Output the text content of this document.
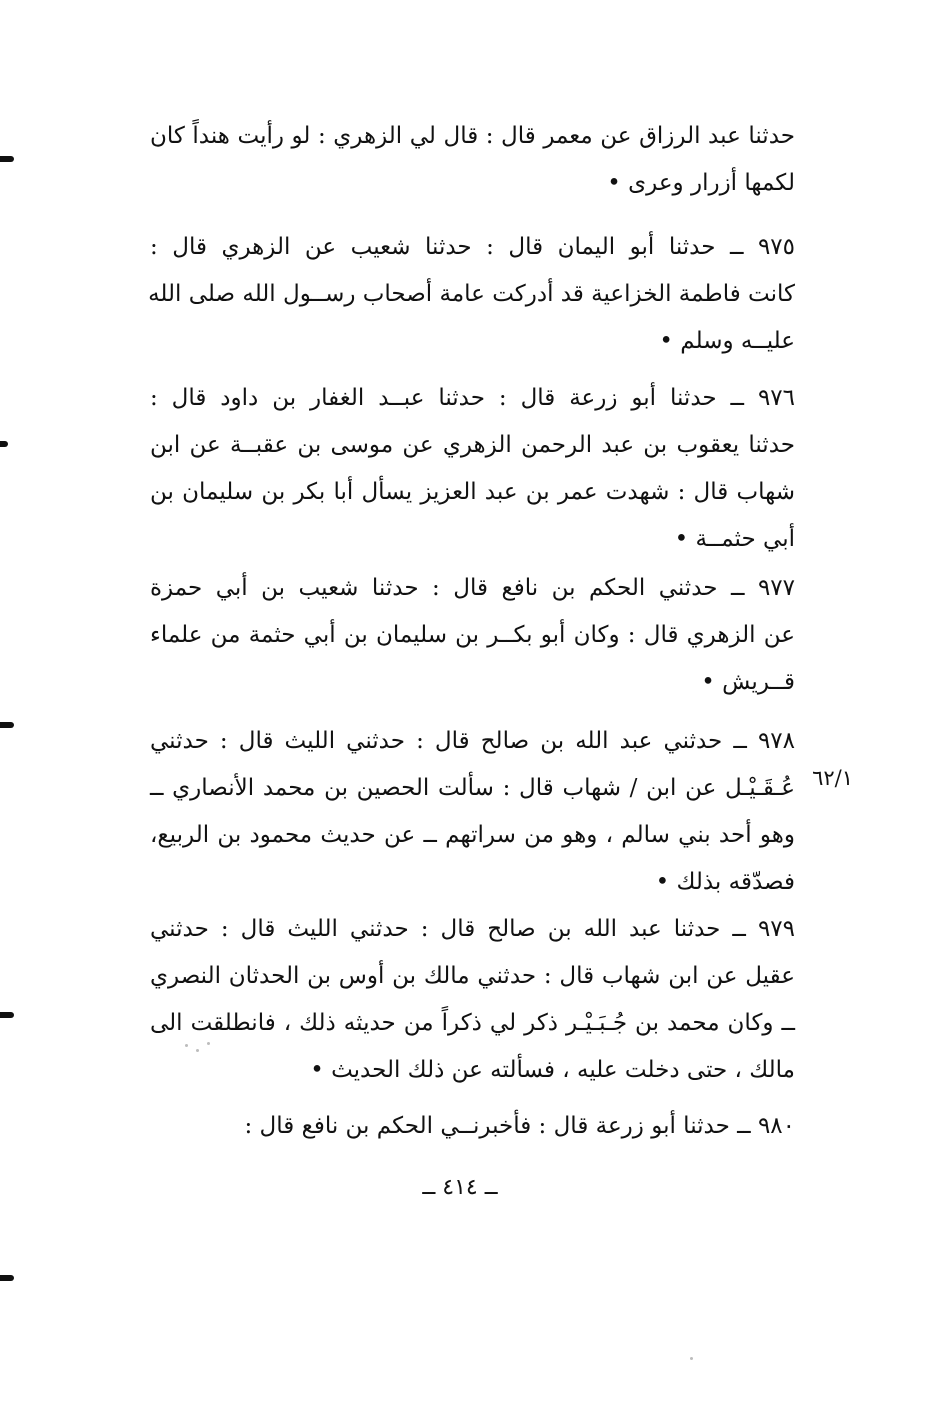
حدثنا عبد الرزاق عن معمر قال : قال لي الزهري : لو رأيت هنداً كان
لكمها أزرار وعرى •
٩٧٥ ــ حدثنا أبو اليمان قال : حدثنا شعيب عن الزهري قال :
كانت فاطمة الخزاعية قد أدركت عامة أصحاب رســول الله صلى الله
عليــه وسلم •
٩٧٦ ــ حدثنا أبو زرعة قال : حدثنا عبــد الغفار بن داود قال :
حدثنا يعقوب بن عبد الرحمن الزهري عن موسى بن عقبــة عن ابن
شهاب قال : شهدت عمر بن عبد العزيز يسأل أبا بكر بن سليمان بن
أبي حثمــة •
٩٧٧ ــ حدثني الحكم بن نافع قال : حدثنا شعيب بن أبي حمزة
عن الزهري قال : وكان أبو بكــر بن سليمان بن أبي حثمة من علماء
قــريش •
٩٧٨ ــ حدثني عبد الله بن صالح قال : حدثني الليث قال : حدثني
عُـقَـيْـل عن ابن / شهاب قال : سألت الحصين بن محمد الأنصاري ــ
وهو أحد بني سالم ، وهو من سراتهم ــ عن حديث محمود بن الربيع،
فصدّقه بذلك •
٦٢/١
٩٧٩ ــ حدثنا عبد الله بن صالح قال : حدثني الليث قال : حدثني
عقيل عن ابن شهاب قال : حدثني مالك بن أوس بن الحدثان النصري
ــ وكان محمد بن جُـبَـيْـر ذكر لي ذكراً من حديثه ذلك ، فانطلقت الى
مالك ، حتى دخلت عليه ، فسألته عن ذلك الحديث •
٩٨٠ ــ حدثنا أبو زرعة قال : فأخبرنــي الحكم بن نافع قال :
ــ ٤١٤ ــ
